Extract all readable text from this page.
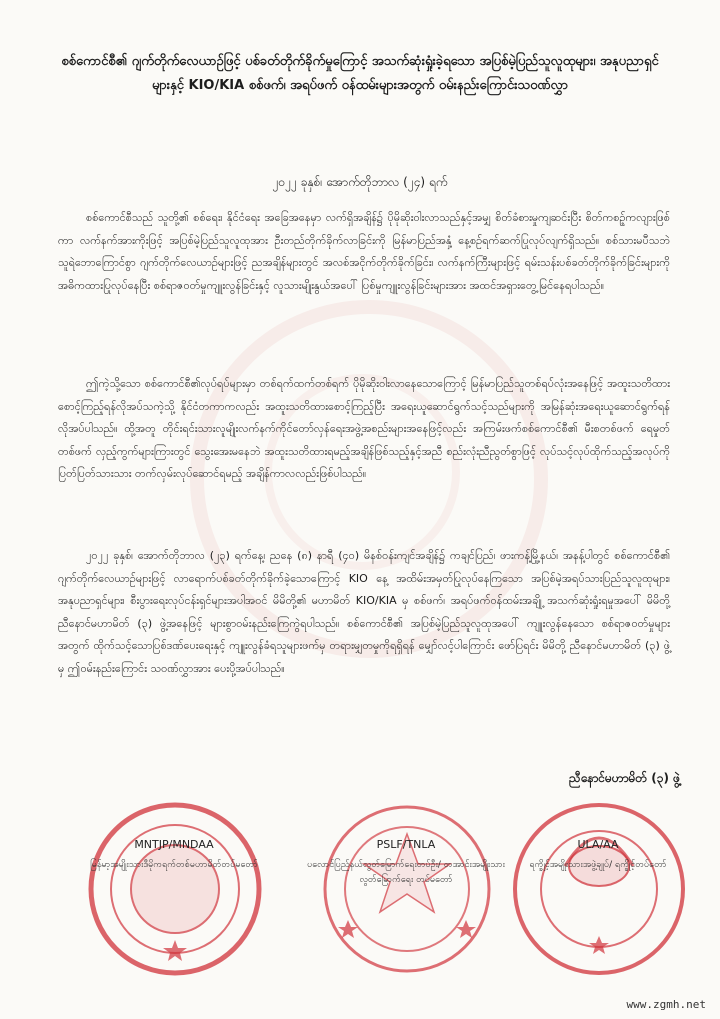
စစ်ကောင်စီ၏ ဂျက်တိုက်လေယာဉ်ဖြင့် ပစ်ခတ်တိုက်ခိုက်မှုကြောင့် အသက်ဆုံးရှုံးခဲ့ရသော အပြစ်မဲ့ပြည်သူလူထုများ၊ အနုပညာရှင်များနှင့် KIO/KIA စစ်ဖက်၊ အရပ်ဖက် ဝန်ထမ်းများအတွက် ဝမ်းနည်းကြောင်းသဝဏ်လွှာ
၂၀၂၂ ခုနှစ်၊ အောက်တိုဘာလ (၂၄) ရက်

စစ်ကောင်စီသည် သူတို့၏ စစ်ရေး၊ နိုင်ငံရေး အခြေအနေမှာ လက်ရှိအချိန်၌ ပိုမိုဆိုးဝါးလာသည်နှင့်အမျှ စိတ်ခံစားမှုကျဆင်းပြီး စိတ်ကစဉ့်ကလျားဖြစ်ကာ လက်နက်အားကိုးဖြင့် အပြစ်မဲ့ပြည်သူလူထုအား ဦးတည်တိုက်ခိုက်လာခြင်းကို မြန်မာပြည်အနှံ့ နေ့စဉ်ရက်ဆက်ပြုလုပ်လျက်ရှိသည်။ စစ်သားမပီသဘဲ သူရဲဘောကြောင်စွာ ဂျက်တိုက်လေယာဉ်များဖြင့် ညအချိန်များတွင် အလစ်အငိုက်တိုက်ခိုက်ခြင်း၊ လက်နက်ကြီးများဖြင့် ရမ်းသန်းပစ်ခတ်တိုက်ခိုက်ခြင်းများကို အဓိကထားပြုလုပ်နေပြီး စစ်ရာဇဝတ်မှုကျူးလွန်ခြင်းနှင့် လူသားမျိုးနွယ်အပေါ် ပြစ်မှုကျူးလွန်ခြင်းများအား အထင်အရှားတွေ့မြင်နေရပါသည်။

ဤကဲ့သို့သော စစ်ကောင်စီ၏လုပ်ရပ်များမှာ တစ်ရက်ထက်တစ်ရက် ပိုမိုဆိုးဝါးလာနေသောကြောင့် မြန်မာပြည်သူတစ်ရပ်လုံးအနေဖြင့် အထူးသတိထားစောင့်ကြည့်ရန်လိုအပ်သကဲ့သို့ နိုင်ငံတကာကလည်း အထူးသတိထားစောင့်ကြည့်ပြီး အရေးယူဆောင်ရွက်သင့်သည်များကို အမြန်ဆုံးအရေးယူဆောင်ရွက်ရန် လိုအပ်ပါသည်။ ထို့အတူ တိုင်းရင်းသားလူမျိုးလက်နက်ကိုင်တော်လှန်ရေးအဖွဲ့အစည်းများအနေဖြင့်လည်း အကြမ်းဖက်စစ်ကောင်စီ၏ မီးစတစ်ဖက် ရေမှုတ်တစ်ဖက် လှည့်ကွက်များကြားတွင် သွေးအေးမနေဘဲ အထူးသတိထားရမည့်အချိန်ဖြစ်သည့်နှင့်အညီ စည်းလုံးညီညွတ်စွာဖြင့် လုပ်သင့်လုပ်ထိုက်သည့်အလုပ်ကို ပြတ်ပြတ်သားသား တက်လှမ်းလုပ်ဆောင်ရမည့် အချိန်ကာလလည်းဖြစ်ပါသည်။

၂၀၂၂ ခုနှစ်၊ အောက်တိုဘာလ (၂၃) ရက်နေ့၊ ညနေ (၈) နာရီ (၄၀) မိနစ်ဝန်းကျင်အချိန်၌ ကချင်ပြည်၊ ဖားကန့်မြို့နယ်၊ အနန့်ပါတွင် စစ်ကောင်စီ၏ ဂျက်တိုက်လေယာဉ်များဖြင့် လာရောက်ပစ်ခတ်တိုက်ခိုက်ခဲ့သောကြောင့် KIO နေ့ အထိမ်းအမှတ်ပြုလုပ်နေကြသော အပြစ်မဲ့အရပ်သားပြည်သူလူထုများ၊ အနုပညာရှင်များ၊ စီးပွားရေးလုပ်ငန်းရှင်များအပါအဝင် မိမိတို့၏ မဟာမိတ် KIO/KIA မှ စစ်ဖက်၊ အရပ်ဖက်ဝန်ထမ်းအချို့ အသက်ဆုံးရှုံးရမှုအပေါ် မိမိတို့ ညီနောင်မဟာမိတ် (၃) ဖွဲ့အနေဖြင့် များစွာဝမ်းနည်းကြေကွဲရပါသည်။ စစ်ကောင်စီ၏ အပြစ်မဲ့ပြည်သူလူထုအပေါ် ကျူးလွန်နေသော စစ်ရာဇဝတ်မှုများအတွက် ထိုက်သင့်သောပြစ်ဒဏ်ပေးရေးနှင့် ကျူးလွန်ခံရသူများဖက်မှ တရားမျှတမှုကိုရရှိရန် မျှော်လင့်ပါကြောင်း ဖော်ပြရင်း မိမိတို့ ညီနောင်မဟာမိတ် (၃) ဖွဲ့မှ ဤဝမ်းနည်းကြောင်း သဝဏ်လွှာအား ပေးပို့အပ်ပါသည်။

ညီနောင်မဟာမိတ် (၃) ဖွဲ့
MNTJP/MNDAA	PSLF/TNLA	ULA/AA
မြန်မာ့အမျိုးသားဒီမိုကရက်တစ်မဟာမိတ်တပ်မတော်	ပလောင်ပြည်နယ်လွတ်မြောက်ရေးတပ်ဦး/ တအာင်းအမျိုးသားလွတ်မြောက်ရေး တပ်မတော်
ရက္ခိုင့်အမျိုးသားအဖွဲ့ချုပ်/ ရက္ခိုင့်တပ်တော်
www.zgmh.net
